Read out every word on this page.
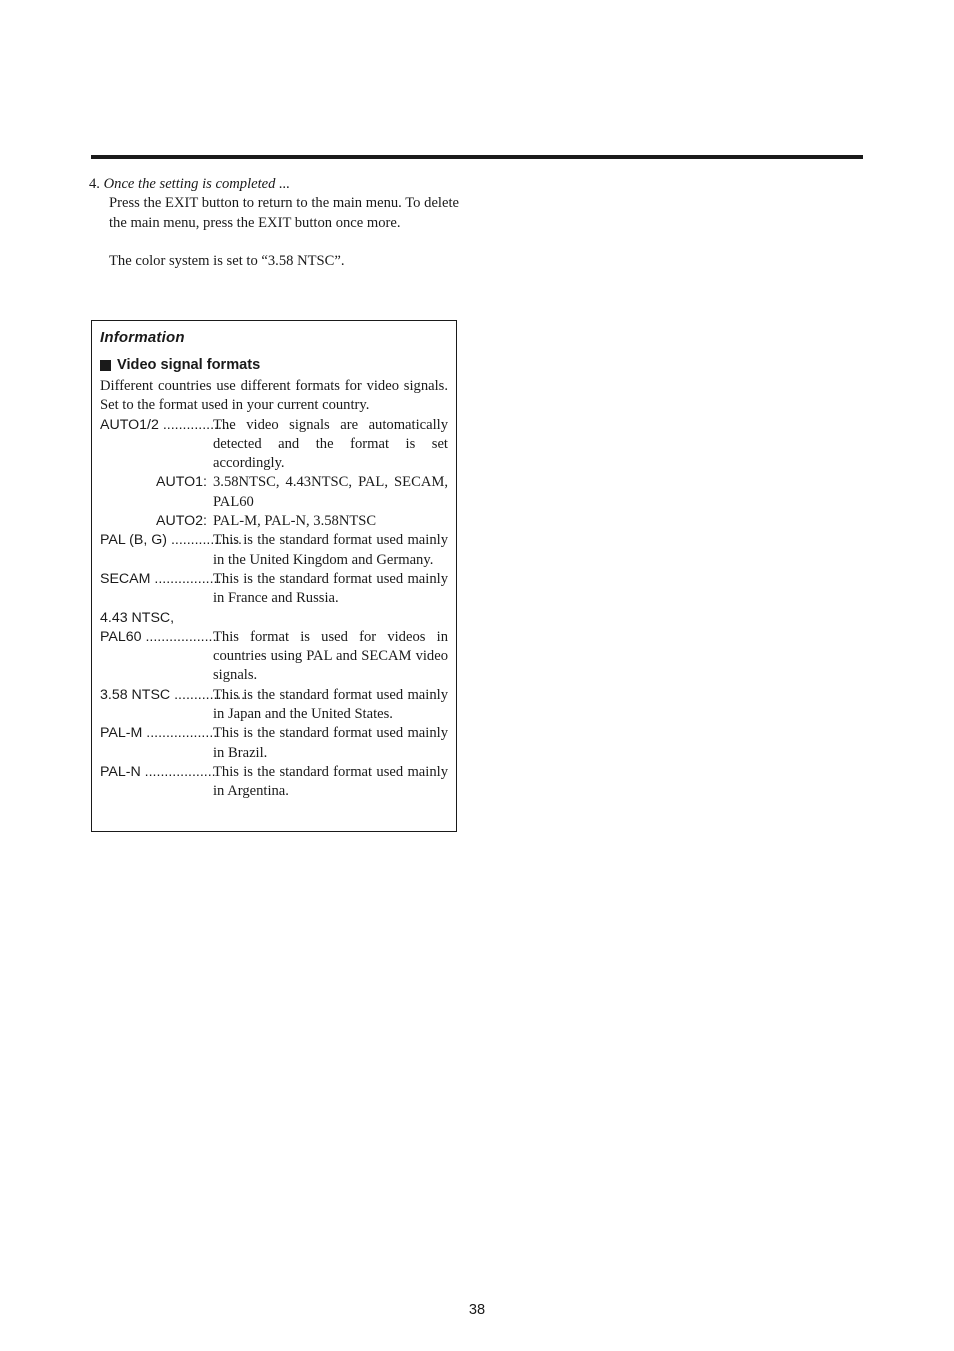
4. Once the setting is completed ...

Press the EXIT button to return to the main menu. To delete the main menu, press the EXIT button once more.

The color system is set to “3.58 NTSC”.

Information

Video signal formats

Different countries use different formats for video signals. Set to the format used in your current country.

AUTO1/2 ..................
The video signals are automatically detected and the format is set accordingly.
AUTO1: 3.58NTSC, 4.43NTSC, PAL, SECAM, PAL60
AUTO2: PAL-M, PAL-N, 3.58NTSC
PAL (B, G) ..................
This is the standard format used mainly in the United Kingdom and Germany.
SECAM ..................
This is the standard format used mainly in France and Russia.
4.43 NTSC,
PAL60 ..................
This format is used for videos in countries using PAL and SECAM video signals.
3.58 NTSC ..................
This is the standard format used mainly in Japan and the United States.
PAL-M ..................
This is the standard format used mainly in Brazil.
PAL-N ..................
This is the standard format used mainly in Argentina.
38
